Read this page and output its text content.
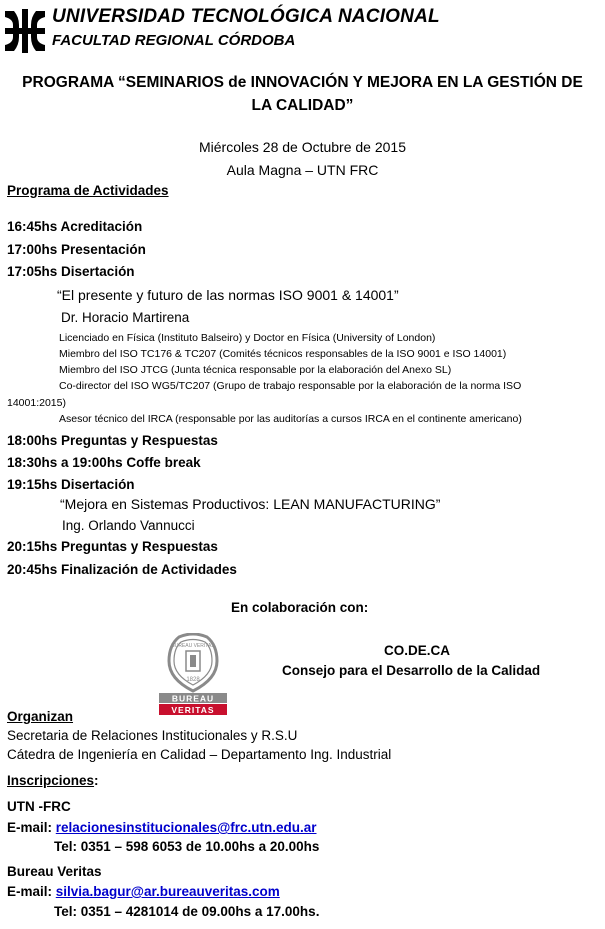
UNIVERSIDAD TECNOLÓGICA NACIONAL
FACULTAD REGIONAL CÓRDOBA
PROGRAMA “SEMINARIOS de INNOVACIÓN Y MEJORA EN LA GESTIÓN DE
LA CALIDAD”
Miércoles 28 de Octubre de 2015
Aula Magna – UTN FRC
Programa de Actividades
16:45hs Acreditación
17:00hs Presentación
17:05hs Disertación
“El presente y futuro de las normas ISO 9001 & 14001”
Dr. Horacio Martirena
Licenciado en Física (Instituto Balseiro) y Doctor en Física (University of London)
Miembro del ISO TC176 & TC207 (Comités técnicos responsables de la ISO 9001 e ISO 14001)
Miembro del ISO JTCG (Junta técnica responsable por la elaboración del Anexo SL)
Co-director del ISO WG5/TC207 (Grupo de trabajo responsable por la elaboración de la norma ISO
14001:2015)
Asesor técnico del IRCA (responsable por las auditorías a cursos IRCA en el continente americano)
18:00hs Preguntas y Respuestas
18:30hs a 19:00hs Coffe break
19:15hs Disertación
“Mejora en Sistemas Productivos: LEAN MANUFACTURING”
Ing. Orlando Vannucci
20:15hs Preguntas y Respuestas
20:45hs Finalización de Actividades
En colaboración con:
BUREAU VERITAS
1828
BUREAU
VERITAS
CO.DE.CA
Consejo para el Desarrollo de la Calidad
Organizan
Secretaria de Relaciones Institucionales y R.S.U
Cátedra de Ingeniería en Calidad – Departamento Ing. Industrial
Inscripciones:
UTN -FRC
E-mail: relacionesinstitucionales@frc.utn.edu.ar
Tel: 0351 – 598 6053 de 10.00hs a 20.00hs
Bureau Veritas
E-mail: silvia.bagur@ar.bureauveritas.com
Tel: 0351 – 4281014 de 09.00hs a 17.00hs.
